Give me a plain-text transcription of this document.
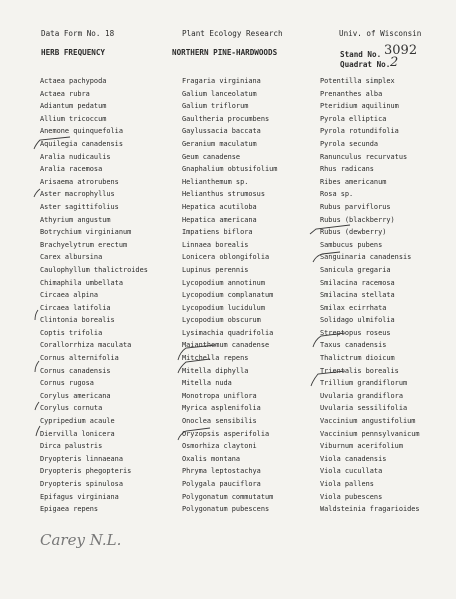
Data Form No. 18	Plant Ecology Research	Univ. of Wisconsin
HERB FREQUENCY	NORTHERN PINE-HARDWOODS	Stand No. 3092
Quadrat No. 2
Actaea pachypoda
Actaea rubra
Adiantum pedatum
Allium tricoccum
Anemone quinquefolia
Aquilegia canadensis
Aralia nudicaulis
Aralia racemosa
Arisaema atrorubens
Aster macrophyllus
Aster sagittifolius
Athyrium angustum
Botrychium virginianum
Brachyelytrum erectum
Carex albursina
Caulophyllum thalictroides
Chimaphila umbellata
Circaea alpina
Circaea latifolia
Clintonia borealis
Coptis trifolia
Corallorrhiza maculata
Cornus alternifolia
Cornus canadensis
Cornus rugosa
Corylus americana
Corylus cornuta
Cypripedium acaule
Diervilla lonicera
Dirca palustris
Dryopteris linnaeana
Dryopteris phegopteris
Dryopteris spinulosa
Epifagus virginiana
Epigaea repens
Fragaria virginiana
Galium lanceolatum
Galium triflorum
Gaultheria procumbens
Gaylussacia baccata
Geranium maculatum
Geum canadense
Gnaphalium obtusifolium
Helianthemum sp.
Helianthus strumosus
Hepatica acutiloba
Hepatica americana
Impatiens biflora
Linnaea borealis
Lonicera oblongifolia
Lupinus perennis
Lycopodium annotinum
Lycopodium complanatum
Lycopodium lucidulum
Lycopodium obscurum
Lysimachia quadrifolia
Maianthemum canadense
Mitchella repens
Mitella diphylla
Mitella nuda
Monotropa uniflora
Myrica asplenifolia
Onoclea sensibilis
Oryzopsis asperifolia
Osmorhiza claytoni
Oxalis montana
Phryma leptostachya
Polygala pauciflora
Polygonatum commutatum
Polygonatum pubescens
Potentilla simplex
Prenanthes alba
Pteridium aquilinum
Pyrola elliptica
Pyrola rotundifolia
Pyrola secunda
Ranunculus recurvatus
Rhus radicans
Ribes americanum
Rosa sp.
Rubus parviflorus
Rubus (blackberry)
Rubus (dewberry)
Sambucus pubens
Sanguinaria canadensis
Sanicula gregaria
Smilacina racemosa
Smilacina stellata
Smilax ecirrhata
Solidago ulmifolia
Streptopus roseus
Taxus canadensis
Thalictrum dioicum
Trientalis borealis
Trillium grandiflorum
Uvularia grandiflora
Uvularia sessilifolia
Vaccinium angustifolium
Vaccinium pennsylvanicum
Viburnum acerifolium
Viola canadensis
Viola cucullata
Viola pallens
Viola pubescens
Waldsteinia fragarioides
Carey N.L.
